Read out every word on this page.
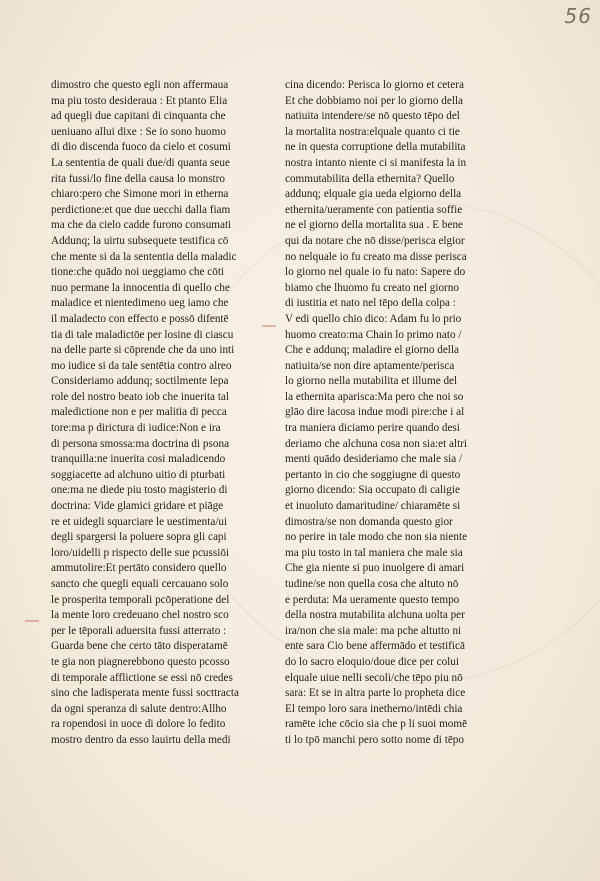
56
dimostro che questo egli non affermaua
ma piu tosto desideraua : Et ptanto Elia
ad quegli due capitani di cinquanta che
ueniuano allui dixe : Se io sono huomo
di dio discenda fuoco da cielo et cosumi
La sententia de quali due/di quanta seue
rita fussi/lo fine della causa lo monstro
chiaro:pero che Simone mori in etherna
perdictione:et que due uecchi dalla fiam
ma che da cielo cadde furono consumati
Addunq; la uirtu subsequete testifica cō
che mente si da la sententia della maladic
tione:che quādo noi ueggiamo che cōti
nuo permane la innocentia di quello che
maladice et nientedimeno ueg iamo che
il maladecto con effecto e possō difentē
tia di tale maladictōe per losine di ciascu
na delle parte si cōprende che da uno inti
mo iudice si da tale sentētia contro alreo
Consideriamo addunq; soctilmente lepa
role del nostro beato iob che inuerita tal
maledictione non e per malitia di pecca
tore:ma p dirictura di iudice:Non e ira
di persona smossa:ma doctrina di psona
tranquilla:ne inuerita cosi maladicendo
soggiacette ad alchuno uitio di pturbati
one:ma ne diede piu tosto magisterio di
doctrina: Vide glamici gridare et piāge
re et uidegli squarciare le uestimenta/ui
degli spargersi la poluere sopra gli capi
loro/uidelli p rispecto delle sue pcussiōi
ammutolire:Et pertāto considero quello
sancto che quegli equali cercauano solo
le prosperita temporali pcōperatione del
la mente loro credeuano chel nostro sco
per le tēporali aduersita fussi atterrato :
Guarda bene che certo tāto disperatamē
te gia non piagnerebbono questo pcosso
di temporale afflictione se essi nō credes
sino che ladisperata mente fussi socttracta
da ogni speranza di salute dentro:Allho
ra ropendosi in uoce di dolore lo fedito
mostro dentro da esso lauirtu della medi
cina dicendo: Perisca lo giorno et cetera
Et che dobbiamo noi per lo giorno della
natiuita intendere/se nō questo tēpo del
la mortalita nostra:elquale quanto ci tie
ne in questa corruptione della mutabilita
nostra intanto niente ci si manifesta la in
commutabilita della ethernita? Quello
addunq; elquale gia ueda elgiorno della
ethernita/ueramente con patientia soffie
ne el giorno della mortalita sua . E bene
qui da notare che nō disse/perisca elgior
no nelquale io fu creato ma disse perisca
lo giorno nel quale io fu nato: Sapere do
biamo che lhuomo fu creato nel giorno
di iustitia et nato nel tēpo della colpa :
V edi quello chio dico: Adam fu lo prio
huomo creato:ma Chain lo primo nato /
Che e addunq; maladire el giorno della
natiuita/se non dire aptamente/perisca
lo giorno nella mutabilita et illume del
la ethernita aparisca:Ma pero che noi so
glāo dire lacosa indue modi pire:che i al
tra maniera diciamo perire quando desi
deriamo che alchuna cosa non sia:et altri
menti quādo desideriamo che male sia /
pertanto in cio che soggiugne di questo
giorno dicendo: Sia occupato di caligie
et inuoluto damaritudine/ chiaramēte si
dimostra/se non domanda questo gior
no perire in tale modo che non sia niente
ma piu tosto in tal maniera che male sia
Che gia niente si puo inuolgere di amari
tudine/se non quella cosa che altuto nō
e perduta: Ma ueramente questo tempo
della nostra mutabilita alchuna uolta per
ira/non che sia male: ma pche altutto ni
ente sara Cio bene affermādo et testificā
do lo sacro eloquio/doue dice per colui
elquale uiue nelli secoli/che tēpo piu nō
sara: Et se in altra parte lo propheta dice
El tempo loro sara inetherno/intēdi chia
ramēte iche cōcio sia che p li suoi momē
ti lo tpō manchi pero sotto nome di tēpo
